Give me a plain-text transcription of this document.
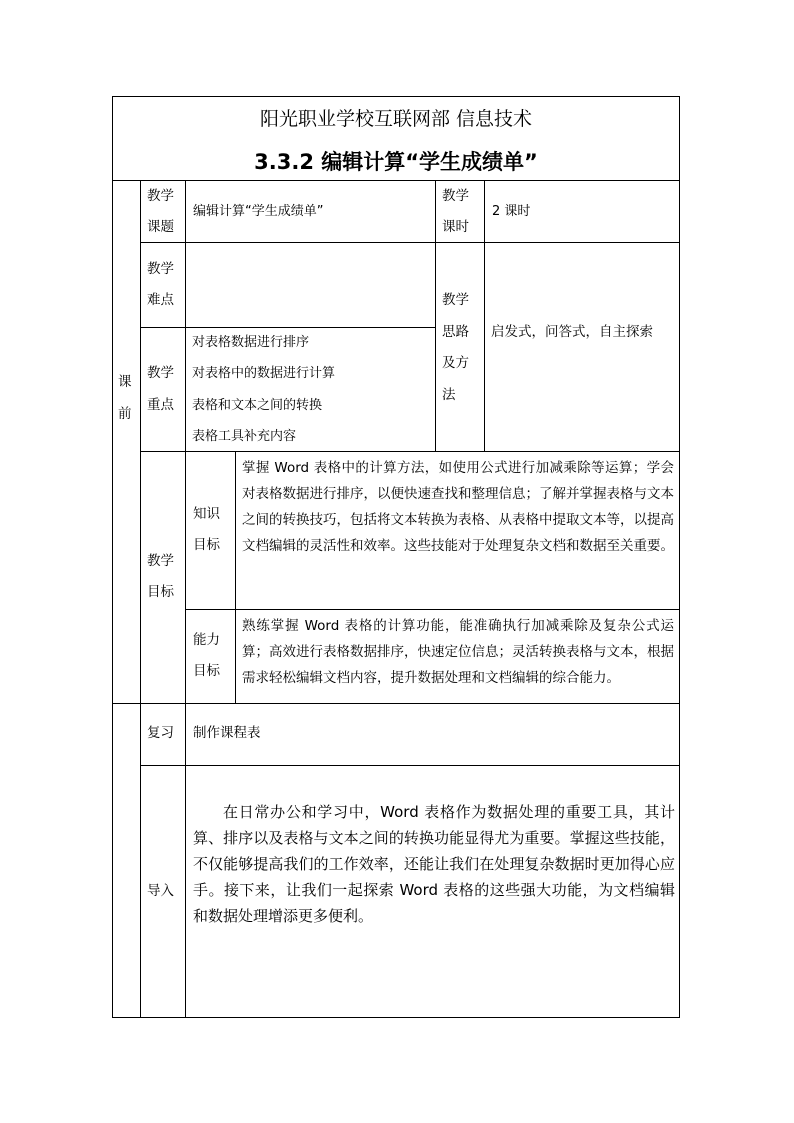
阳光职业学校互联网部 信息技术
3.3.2 编辑计算“学生成绩单”
课
前
教学
课题
编辑计算“学生成绩单”
教学
课时
2 课时
教学
难点	教学
思路
及方
法
启发式，问答式，自主探索
教学
重点
对表格数据进行排序
对表格中的数据进行计算
表格和文本之间的转换
表格工具补充内容
教学
目标
知识
目标
掌握 Word 表格中的计算方法，如使用公式进行加减乘除等运算；学会对表格数据进行排序，以便快速查找和整理信息；了解并掌握表格与文本之间的转换技巧，包括将文本转换为表格、从表格中提取文本等，以提高文档编辑的灵活性和效率。这些技能对于处理复杂文档和数据至关重要。
能力
目标
熟练掌握 Word 表格的计算功能，能准确执行加减乘除及复杂公式运算；高效进行表格数据排序，快速定位信息；灵活转换表格与文本，根据需求轻松编辑文档内容，提升数据处理和文档编辑的综合能力。
复习 制作课程表
导入
在日常办公和学习中，Word 表格作为数据处理的重要工具，其计算、排序以及表格与文本之间的转换功能显得尤为重要。掌握这些技能，不仅能够提高我们的工作效率，还能让我们在处理复杂数据时更加得心应手。接下来，让我们一起探索 Word 表格的这些强大功能，为文档编辑和数据处理增添更多便利。
